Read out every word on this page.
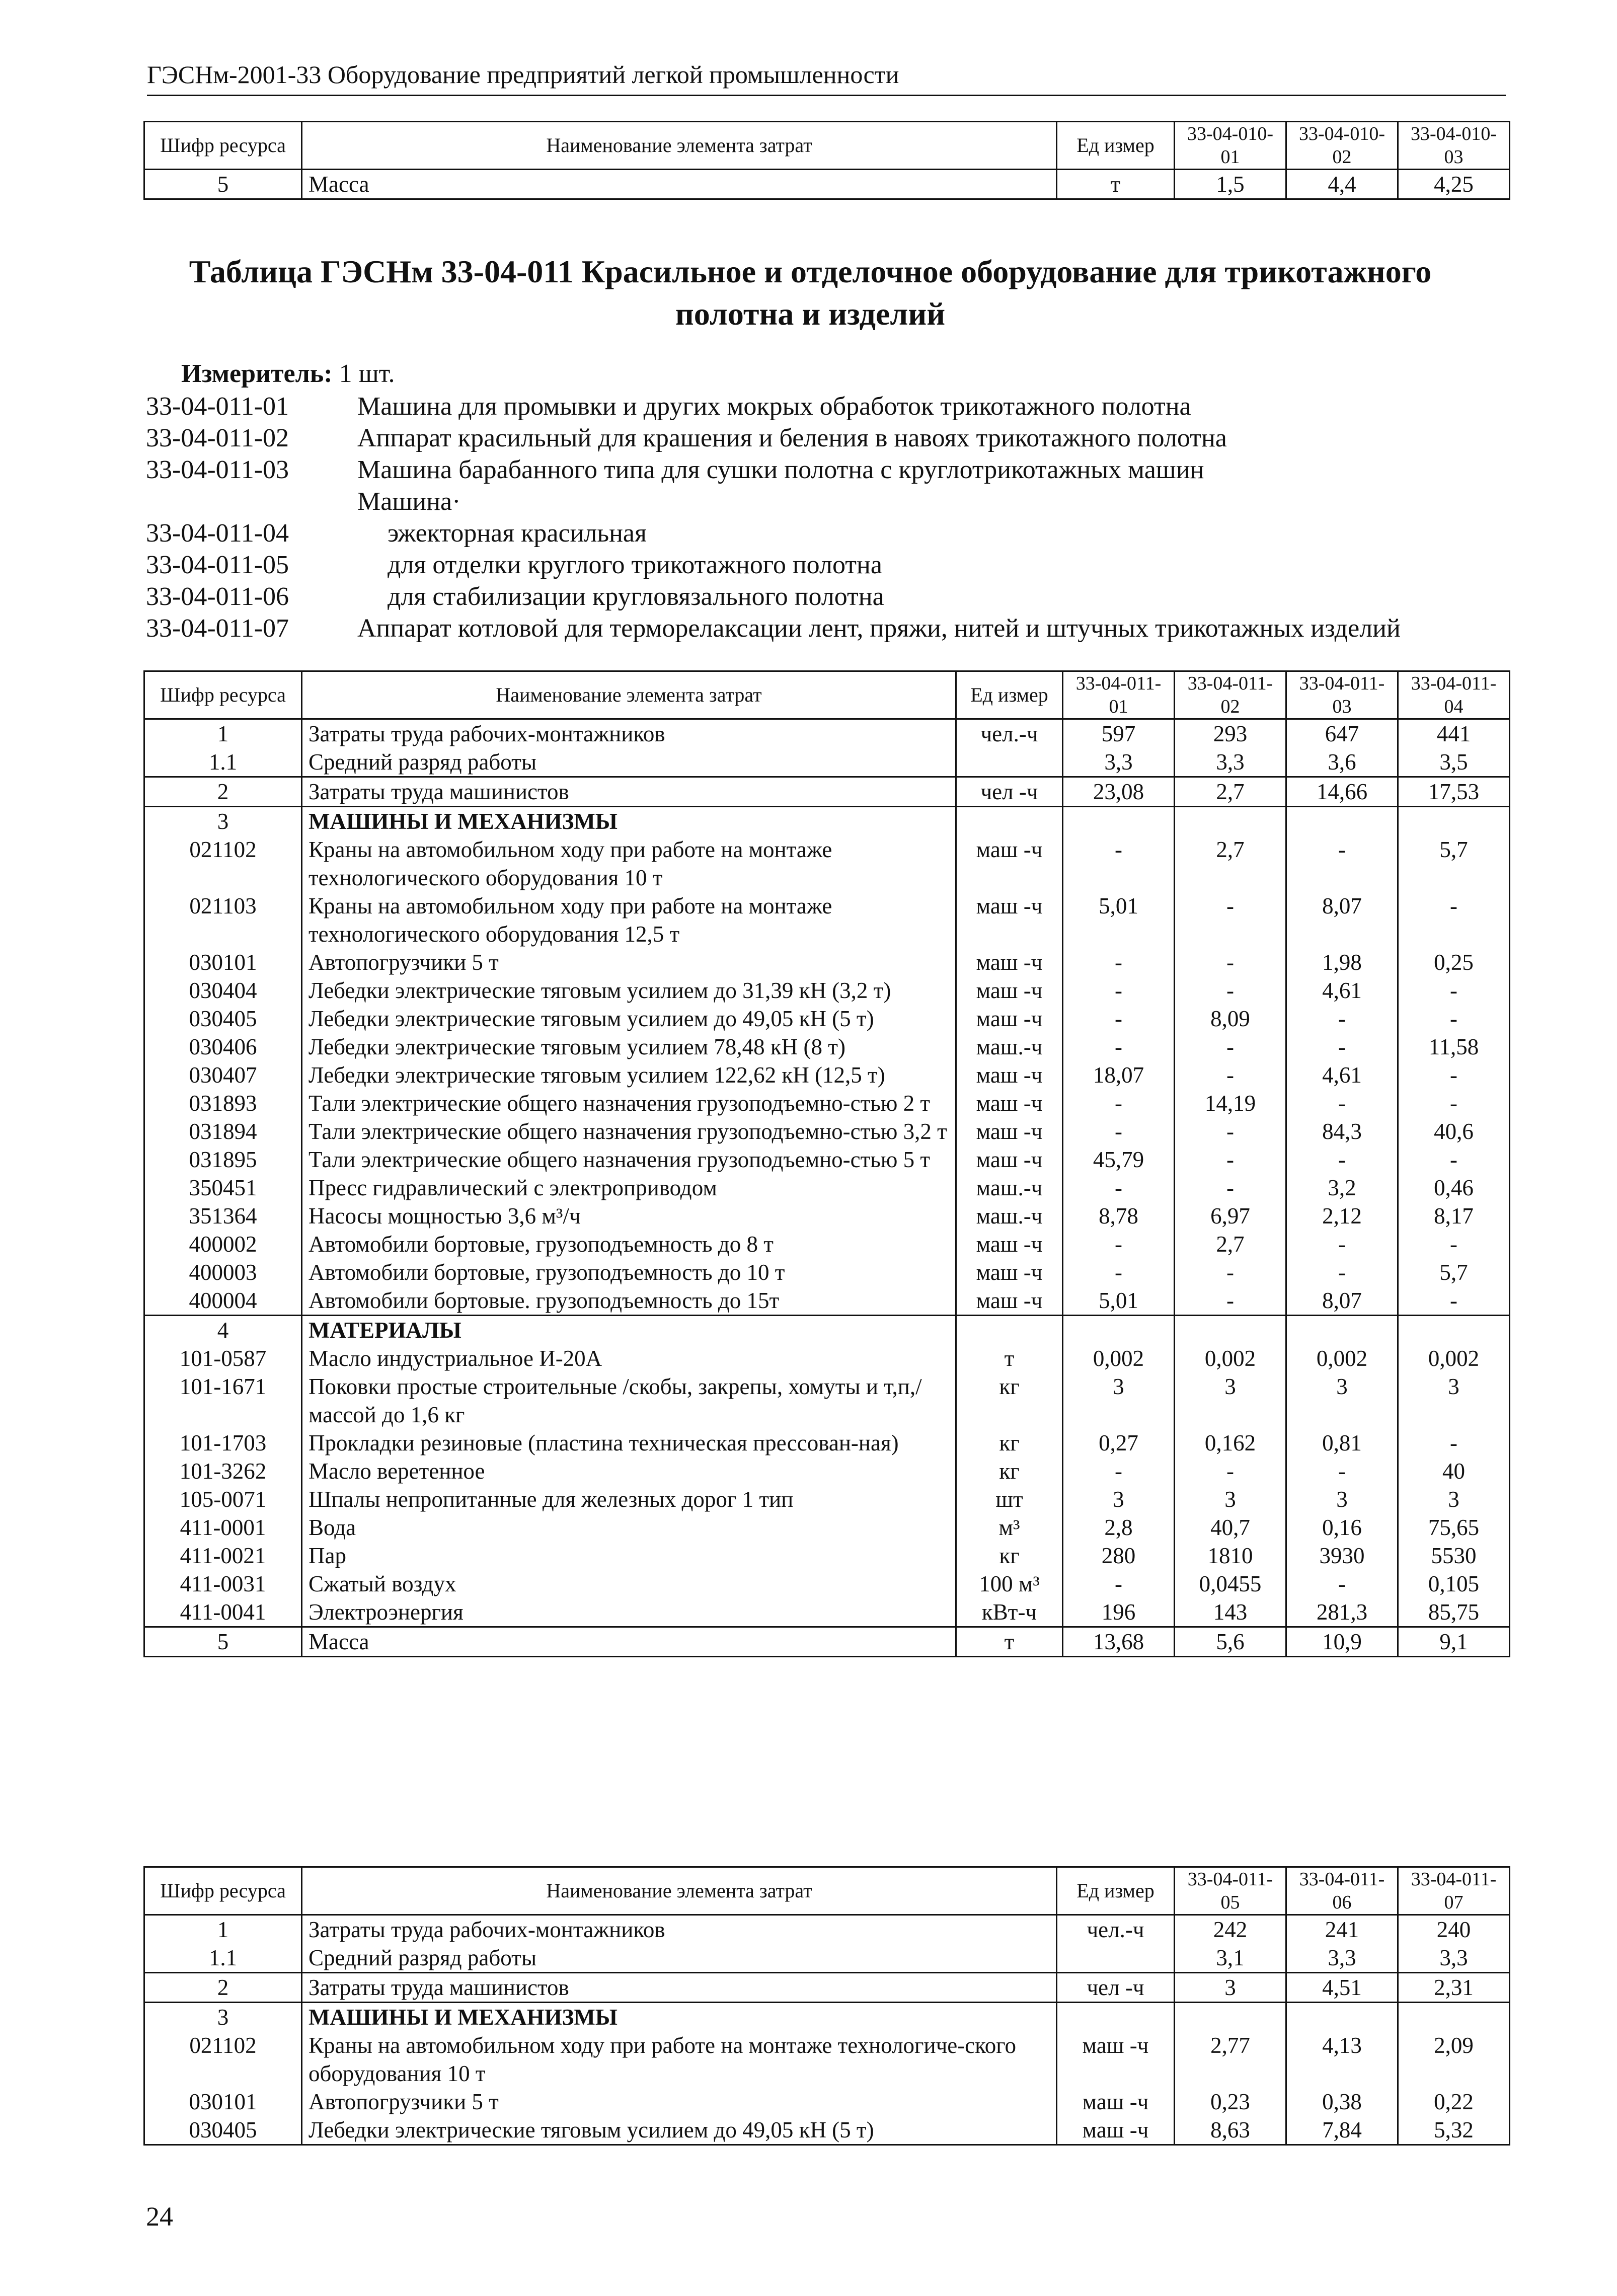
ГЭСНм-2001-33 Оборудование предприятий легкой промышленности
Шифр ресурса	Наименование элемента затрат	Ед измер	33-04-010-01	33-04-010-02	33-04-010-03
5	Масса	т	1,5	4,4	4,25
Таблица ГЭСНм 33-04-011 Красильное и отделочное оборудование для трикотажного
полотна и изделий
Измеритель: 1 шт.
33-04-011-01	Машина для промывки и других мокрых обработок трикотажного полотна
33-04-011-02	Аппарат красильный для крашения и беления в навоях трикотажного полотна
33-04-011-03	Машина барабанного типа для сушки полотна с круглотрикотажных машин
Машина·
33-04-011-04	эжекторная красильная
33-04-011-05	для отделки круглого трикотажного полотна
33-04-011-06	для стабилизации кругловязального полотна
33-04-011-07	Аппарат котловой для терморелаксации лент, пряжи, нитей и штучных трикотажных изделий
Шифр ресурса	Наименование элемента затрат	Ед измер	33-04-011-01	33-04-011-02	33-04-011-03	33-04-011-04
1	Затраты труда рабочих-монтажников	чел.-ч	597	293	647	441
1.1	Средний разряд работы		3,3	3,3	3,6	3,5
2	Затраты труда машинистов	чел -ч	23,08	2,7	14,66	17,53
3	МАШИНЫ И МЕХАНИЗМЫ					
021102	Краны на автомобильном ходу при работе на монтаже технологического оборудования 10 т	маш -ч	-	2,7	-	5,7
021103	Краны на автомобильном ходу при работе на монтаже технологического оборудования 12,5 т	маш -ч	5,01	-	8,07	-
030101	Автопогрузчики 5 т	маш -ч	-	-	1,98	0,25
030404	Лебедки электрические тяговым усилием до 31,39 кН (3,2 т)	маш -ч	-	-	4,61	-
030405	Лебедки электрические тяговым усилием до 49,05 кН (5 т)	маш -ч	-	8,09	-	-
030406	Лебедки электрические тяговым усилием 78,48 кН (8 т)	маш.-ч	-	-	-	11,58
030407	Лебедки электрические тяговым усилием 122,62 кН (12,5 т)	маш -ч	18,07	-	4,61	-
031893	Тали электрические общего назначения грузоподъемно-стью 2 т	маш -ч	-	14,19	-	-
031894	Тали электрические общего назначения грузоподъемно-стью 3,2 т	маш -ч	-	-	84,3	40,6
031895	Тали электрические общего назначения грузоподъемно-стью 5 т	маш -ч	45,79	-	-	-
350451	Пресс гидравлический с электроприводом	маш.-ч	-	-	3,2	0,46
351364	Насосы мощностью 3,6 м³/ч	маш.-ч	8,78	6,97	2,12	8,17
400002	Автомобили бортовые, грузоподъемность до 8 т	маш -ч	-	2,7	-	-
400003	Автомобили бортовые, грузоподъемность до 10 т	маш -ч	-	-	-	5,7
400004	Автомобили бортовые. грузоподъемность до 15т	маш -ч	5,01	-	8,07	-
4	МАТЕРИАЛЫ					
101-0587	Масло индустриальное И-20А	т	0,002	0,002	0,002	0,002
101-1671	Поковки простые строительные /скобы, закрепы, хомуты и т,п,/ массой до 1,6 кг	кг	3	3	3	3
101-1703	Прокладки резиновые (пластина техническая прессован-ная)	кг	0,27	0,162	0,81	-
101-3262	Масло веретенное	кг	-	-	-	40
105-0071	Шпалы непропитанные для железных дорог 1 тип	шт	3	3	3	3
411-0001	Вода	м³	2,8	40,7	0,16	75,65
411-0021	Пар	кг	280	1810	3930	5530
411-0031	Сжатый воздух	100 м³	-	0,0455	-	0,105
411-0041	Электроэнергия	кВт-ч	196	143	281,3	85,75
5	Масса	т	13,68	5,6	10,9	9,1
Шифр ресурса	Наименование элемента затрат	Ед измер	33-04-011-05	33-04-011-06	33-04-011-07
1	Затраты труда рабочих-монтажников	чел.-ч	242	241	240
1.1	Средний разряд работы		3,1	3,3	3,3
2	Затраты труда машинистов	чел -ч	3	4,51	2,31
3	МАШИНЫ И МЕХАНИЗМЫ				
021102	Краны на автомобильном ходу при работе на монтаже технологиче-ского оборудования 10 т	маш -ч	2,77	4,13	2,09
030101	Автопогрузчики 5 т	маш -ч	0,23	0,38	0,22
030405	Лебедки электрические тяговым усилием до 49,05 кН (5 т)	маш -ч	8,63	7,84	5,32
24
